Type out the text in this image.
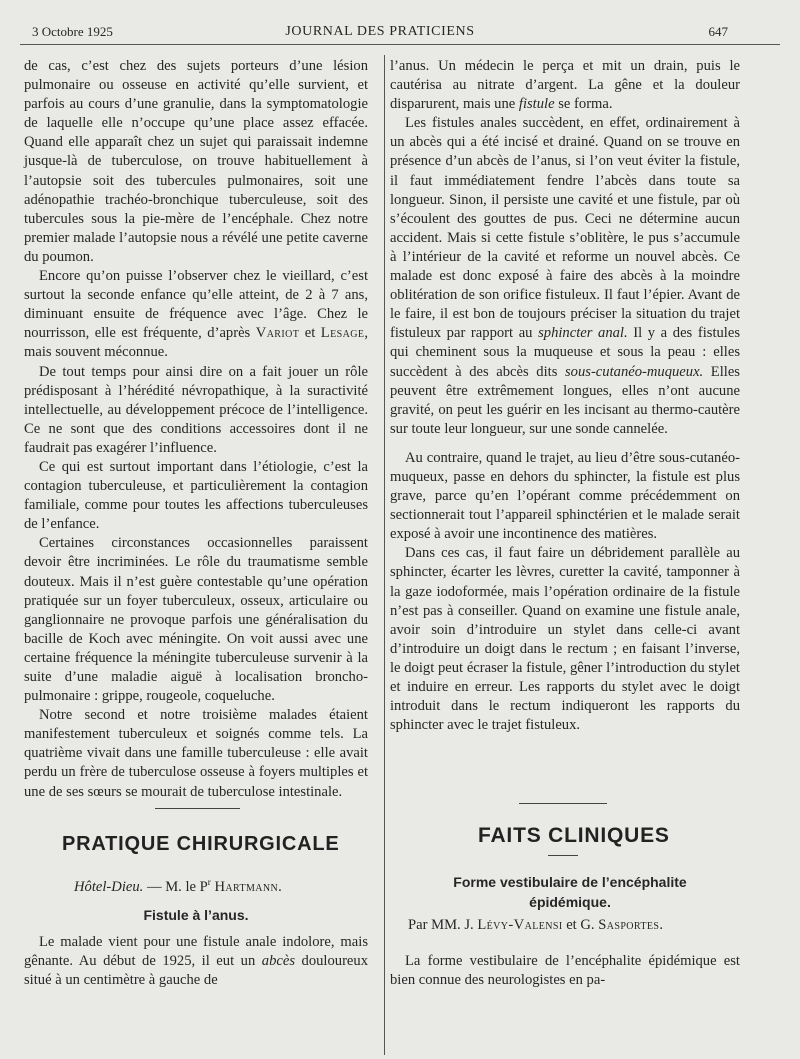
3 Octobre 1925	JOURNAL DES PRATICIENS	647

de cas, c’est chez des sujets porteurs d’une lésion pulmonaire ou osseuse en activité qu’elle survient, et parfois au cours d’une granulie, dans la symptomatologie de laquelle elle n’occupe qu’une place assez effacée. Quand elle apparaît chez un sujet qui paraissait indemne jusque-là de tuberculose, on trouve habituellement à l’autopsie soit des tubercules pulmonaires, soit une adénopathie trachéo-bronchique tuberculeuse, soit des tubercules sous la pie-mère de l’encéphale. Chez notre premier malade l’autopsie nous a révélé une petite caverne du poumon.

Encore qu’on puisse l’observer chez le vieillard, c’est surtout la seconde enfance qu’elle atteint, de 2 à 7 ans, diminuant ensuite de fréquence avec l’âge. Chez le nourrisson, elle est fréquente, d’après Variot et Lesage, mais souvent méconnue.

De tout temps pour ainsi dire on a fait jouer un rôle prédisposant à l’hérédité névropathique, à la suractivité intellectuelle, au développement précoce de l’intelligence. Ce ne sont que des conditions accessoires dont il ne faudrait pas exagérer l’influence.

Ce qui est surtout important dans l’étiologie, c’est la contagion tuberculeuse, et particulièrement la contagion familiale, comme pour toutes les affections tuberculeuses de l’enfance.

Certaines circonstances occasionnelles paraissent devoir être incriminées. Le rôle du traumatisme semble douteux. Mais il n’est guère contestable qu’une opération pratiquée sur un foyer tuberculeux, osseux, articulaire ou ganglionnaire ne provoque parfois une généralisation du bacille de Koch avec méningite. On voit aussi avec une certaine fréquence la méningite tuberculeuse survenir à la suite d’une maladie aiguë à localisation broncho-pulmonaire : grippe, rougeole, coqueluche.

Notre second et notre troisième malades étaient manifestement tuberculeux et soignés comme tels. La quatrième vivait dans une famille tuberculeuse : elle avait perdu un frère de tuberculose osseuse à foyers multiples et une de ses sœurs se mourait de tuberculose intestinale.

PRATIQUE CHIRURGICALE
Hôtel-Dieu. — M. le $P^r$ Hartmann.
Fistule à l’anus.

Le malade vient pour une fistule anale indolore, mais gênante. Au début de 1925, il eut un abcès douloureux situé à un centimètre à gauche de

l’anus. Un médecin le perça et mit un drain, puis le cautérisa au nitrate d’argent. La gêne et la douleur disparurent, mais une fistule se forma.

Les fistules anales succèdent, en effet, ordinairement à un abcès qui a été incisé et drainé. Quand on se trouve en présence d’un abcès de l’anus, si l’on veut éviter la fistule, il faut immédiatement fendre l’abcès dans toute sa longueur. Sinon, il persiste une cavité et une fistule, par où s’écoulent des gouttes de pus. Ceci ne détermine aucun accident. Mais si cette fistule s’oblitère, le pus s’accumule à l’intérieur de la cavité et reforme un nouvel abcès. Ce malade est donc exposé à faire des abcès à la moindre oblitération de son orifice fistuleux. Il faut l’épier. Avant de le faire, il est bon de toujours préciser la situation du trajet fistuleux par rapport au sphincter anal. Il y a des fistules qui cheminent sous la muqueuse et sous la peau : elles succèdent à des abcès dits sous-cutanéo-muqueux. Elles peuvent être extrêmement longues, elles n’ont aucune gravité, on peut les guérir en les incisant au thermo-cautère sur toute leur longueur, sur une sonde cannelée.

Au contraire, quand le trajet, au lieu d’être sous-cutanéo-muqueux, passe en dehors du sphincter, la fistule est plus grave, parce qu’en l’opérant comme précédemment on sectionnerait tout l’appareil sphinctérien et le malade serait exposé à avoir une incontinence des matières.

Dans ces cas, il faut faire un débridement parallèle au sphincter, écarter les lèvres, curetter la cavité, tamponner à la gaze iodoformée, mais l’opération ordinaire de la fistule n’est pas à conseiller. Quand on examine une fistule anale, avoir soin d’introduire un stylet dans celle-ci avant d’introduire un doigt dans le rectum ; en faisant l’inverse, le doigt peut écraser la fistule, gêner l’introduction du stylet et induire en erreur. Les rapports du stylet avec le doigt introduit dans le rectum indiqueront les rapports du sphincter avec le trajet fistuleux.

FAITS CLINIQUES
Forme vestibulaire de l’encéphalite épidémique.
Par MM. J. Lévy-Valensi et G. Sasportes.

La forme vestibulaire de l’encéphalite épidémique est bien connue des neurologistes en pa-
